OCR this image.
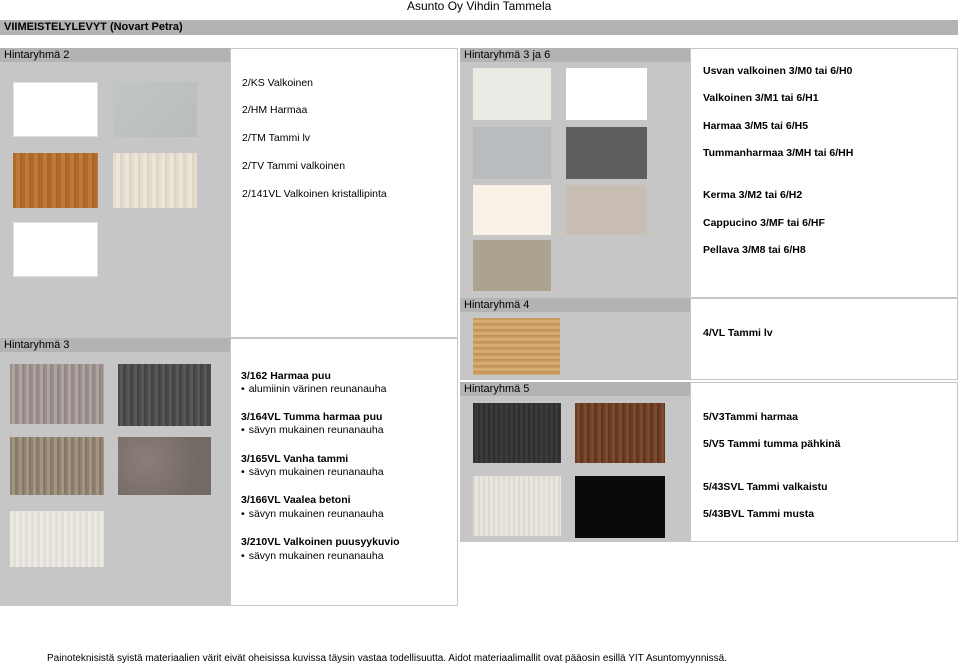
Asunto Oy Vihdin Tammela
VIIMEISTELYLEVYT (Novart Petra)
Hintaryhmä 2
2/KS Valkoinen
2/HM Harmaa
2/TM Tammi lv
2/TV Tammi valkoinen
2/141VL Valkoinen kristallipinta
Hintaryhmä 3 ja 6
Usvan valkoinen 3/M0 tai 6/H0
Valkoinen 3/M1 tai 6/H1
Harmaa 3/M5 tai 6/H5
Tummanharmaa 3/MH tai 6/HH
Kerma 3/M2 tai 6/H2
Cappucino 3/MF tai 6/HF
Pellava 3/M8 tai 6/H8
Hintaryhmä 4
4/VL Tammi lv
Hintaryhmä 3
3/162 Harmaa puu
• alumiinin värinen reunanauha
3/164VL Tumma harmaa puu
• sävyn mukainen reunanauha
3/165VL Vanha tammi
• sävyn mukainen reunanauha
3/166VL Vaalea betoni
• sävyn mukainen reunanauha
3/210VL Valkoinen puusyykuvio
• sävyn mukainen reunanauha
Hintaryhmä 5
5/V3Tammi harmaa
5/V5 Tammi tumma pähkinä
5/43SVL Tammi valkaistu
5/43BVL Tammi musta
Painoteknisistä syistä materiaalien värit eivät oheisissa kuvissa täysin vastaa todellisuutta. Aidot materiaalimallit ovat pääosin esillä YIT Asuntomyynnissä.
